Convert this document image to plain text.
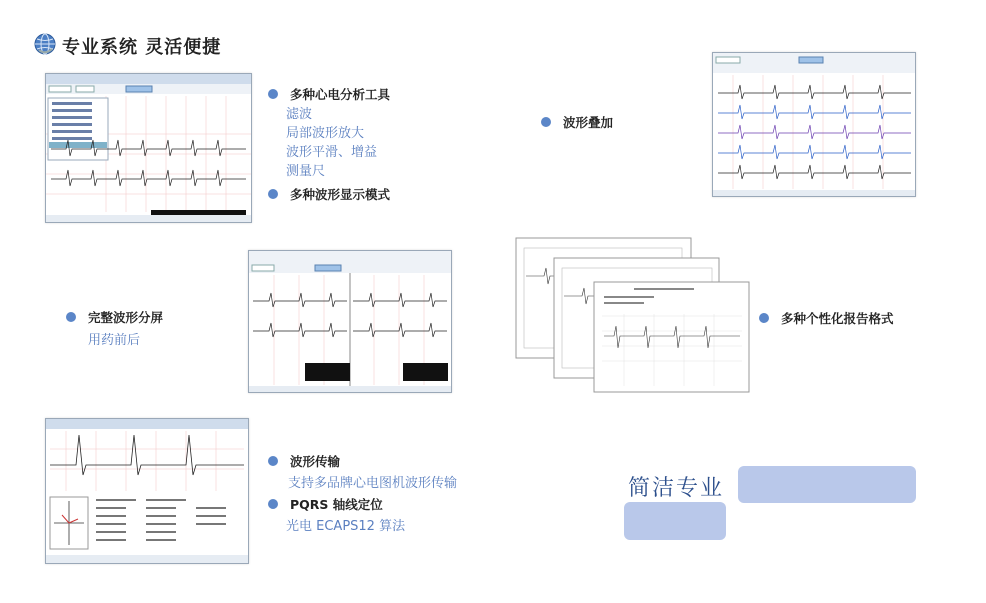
专业系统 灵活便捷
多种心电分析工具
滤波
局部波形放大
波形平滑、增益
测量尺
多种波形显示模式
波形叠加
完整波形分屏
用药前后
多种个性化报告格式
波形传输
支持多品牌心电图机波形传输
PQRS 轴线定位
光电 ECAPS12 算法
简洁专业
